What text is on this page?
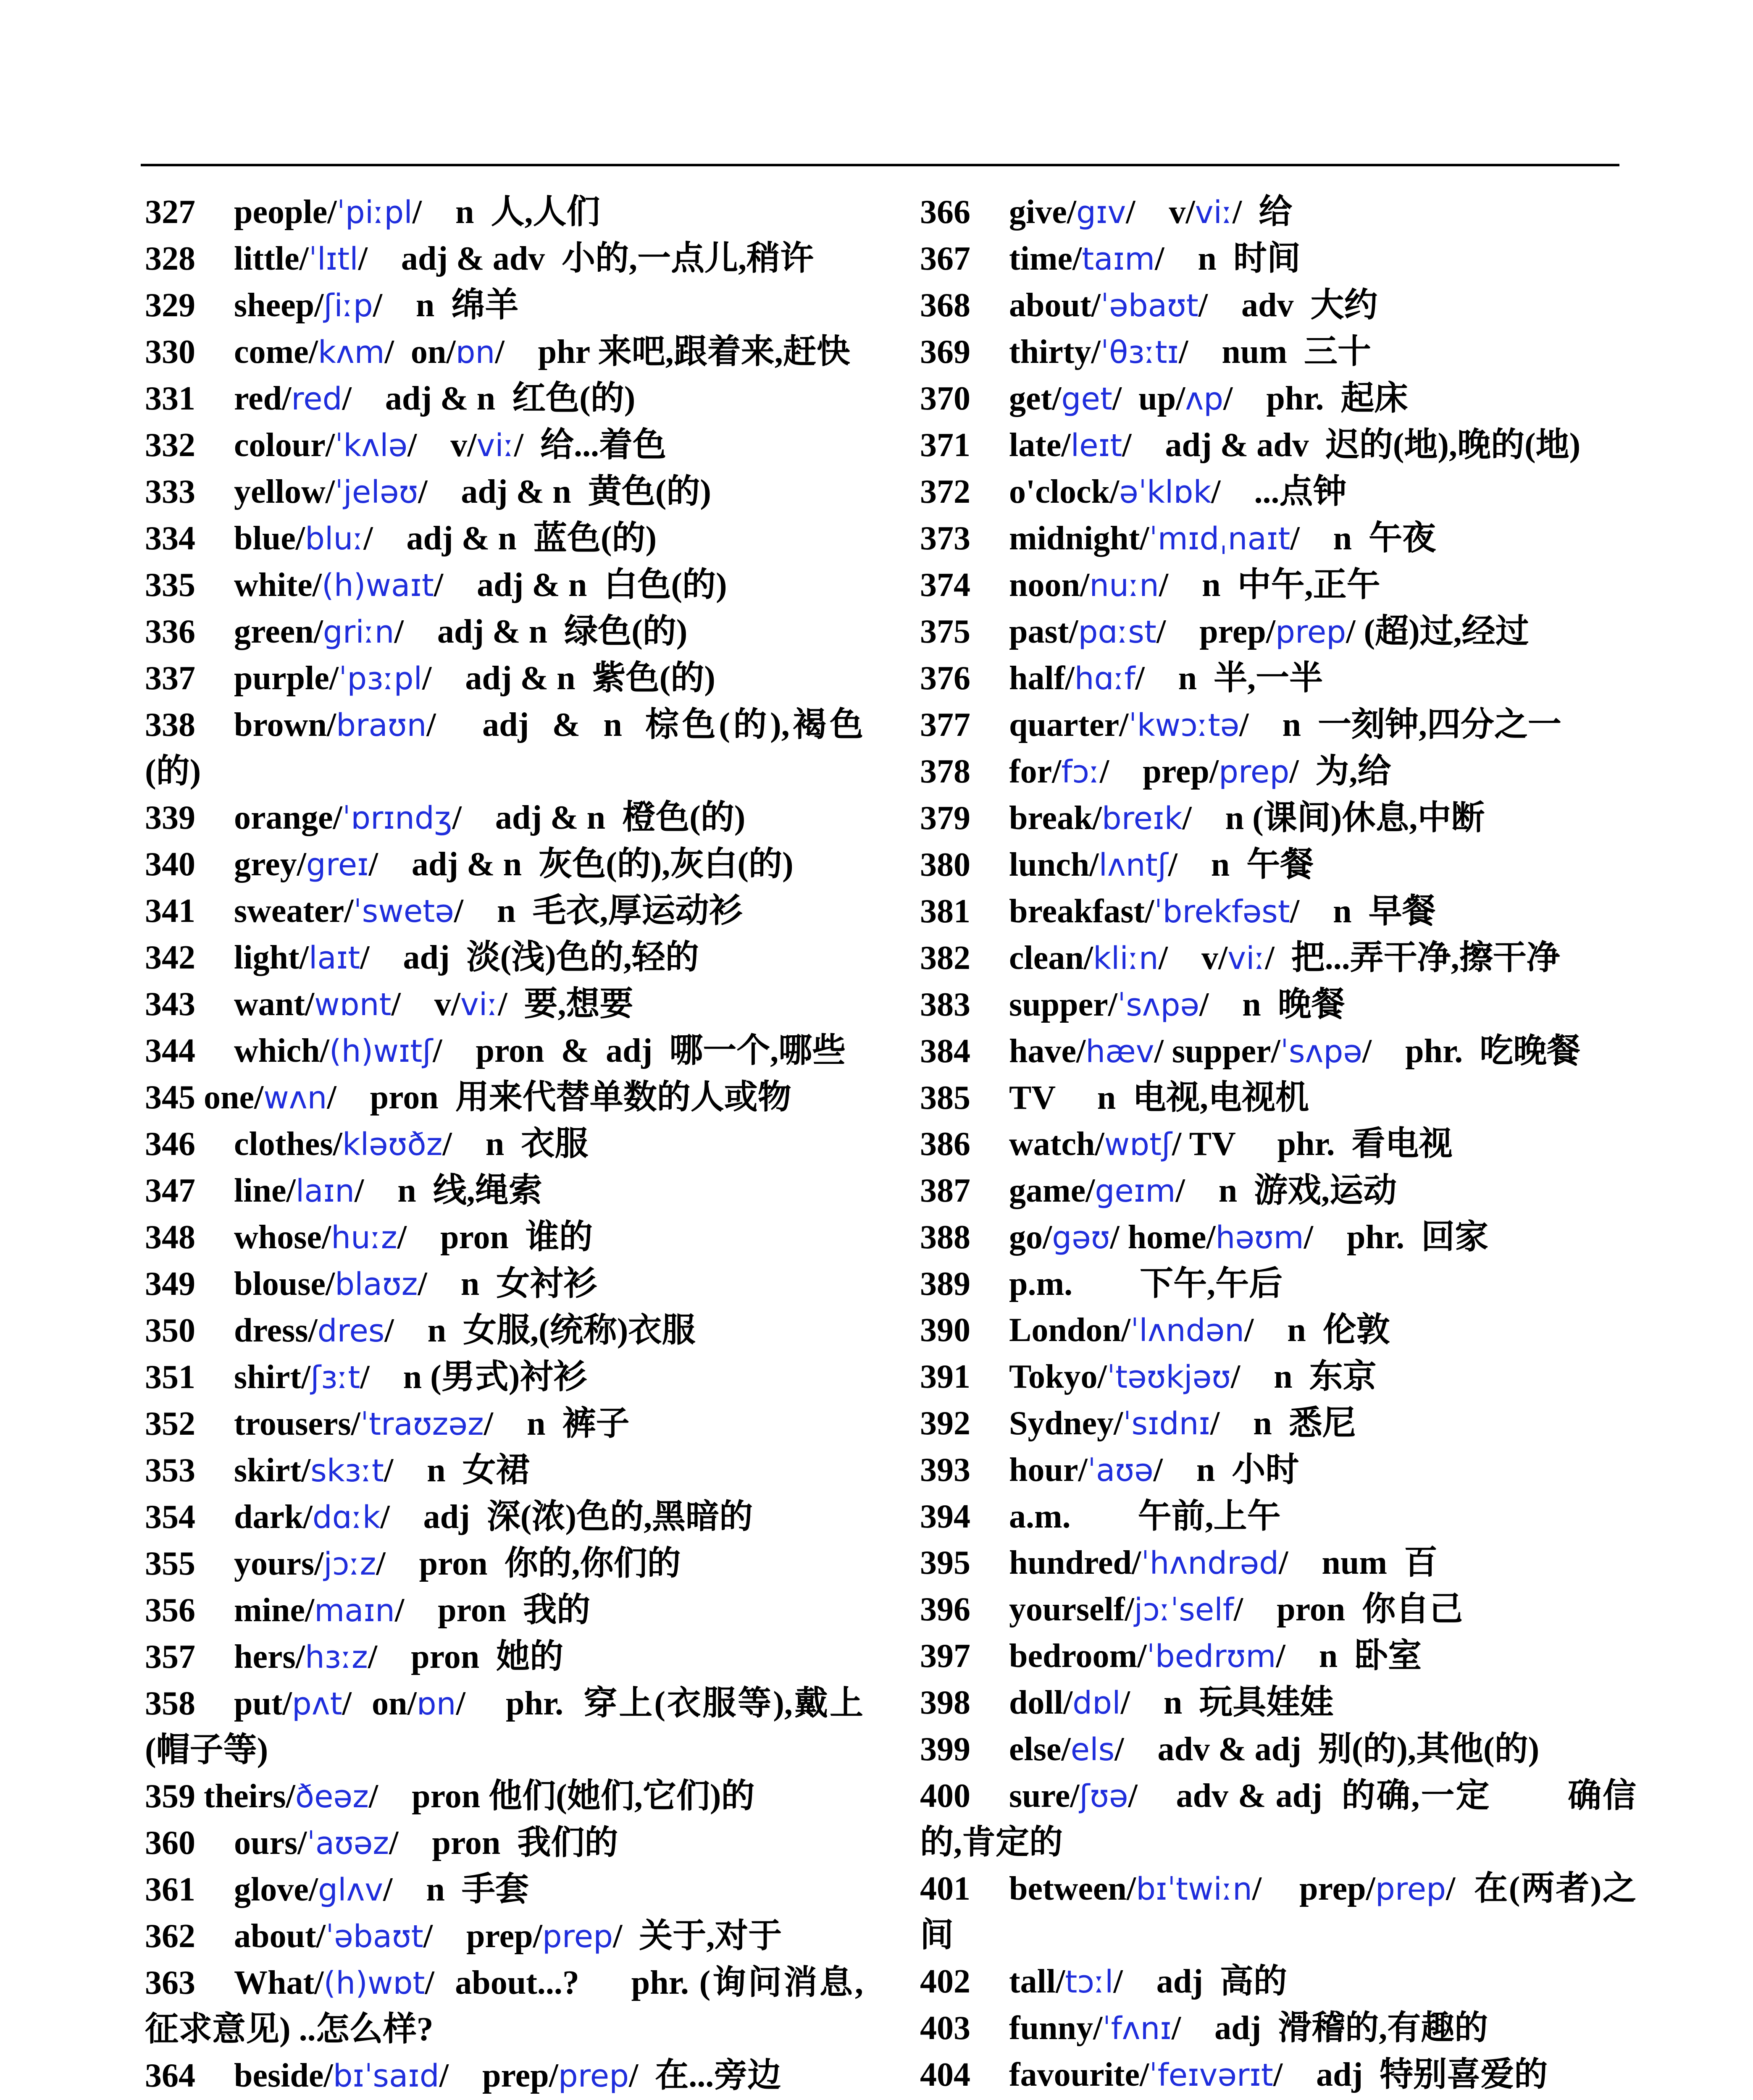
327 people/ˈpiːpl/    n  人,人们
328 little/ˈlɪtl/    adj & adv  小的,一点儿,稍许
329 sheep/ʃiːp/    n  绵羊
330 come/kʌm/  on/ɒn/    phr 来吧,跟着来,赶快
331 red/red/    adj & n  红色(的)
332 colour/ˈkʌlə/    v/viː/  给...着色
333 yellow/ˈjeləʊ/    adj & n  黄色(的)
334 blue/bluː/    adj & n  蓝色(的)
335 white/(h)waɪt/    adj & n  白色(的)
336 green/griːn/    adj & n  绿色(的)
337 purple/ˈpɜːpl/    adj & n  紫色(的)
338 brown/braʊn/    adj  &  n  棕色(的),褐色(的)
339 orange/ˈɒrɪndʒ/    adj & n  橙色(的)
340 grey/greɪ/    adj & n  灰色(的),灰白(的)
341 sweater/ˈswetə/    n  毛衣,厚运动衫
342 light/laɪt/    adj  淡(浅)色的,轻的
343 want/wɒnt/    v/viː/  要,想要
344 which/(h)wɪtʃ/    pron  &  adj  哪一个,哪些
345 one/wʌn/    pron  用来代替单数的人或物
346 clothes/kləʊðz/    n  衣服
347 line/laɪn/    n  线,绳索
348 whose/huːz/    pron  谁的
349 blouse/blaʊz/    n  女衬衫
350 dress/dres/    n  女服,(统称)衣服
351 shirt/ʃɜːt/    n (男式)衬衫
352 trousers/ˈtraʊzəz/    n  裤子
353 skirt/skɜːt/    n  女裙
354 dark/dɑːk/    adj  深(浓)色的,黑暗的
355 yours/jɔːz/    pron  你的,你们的
356 mine/maɪn/    pron  我的
357 hers/hɜːz/    pron  她的
358 put/pʌt/  on/ɒn/    phr.  穿上(衣服等),戴上(帽子等)
359 theirs/ðeəz/    pron 他们(她们,它们)的
360 ours/ˈaʊəz/    pron  我们的
361 glove/glʌv/    n  手套
362 about/ˈəbaʊt/    prep/prep/  关于,对于
363 What/(h)wɒt/  about...?     phr. (询问消息,征求意见) ..怎么样?
364 beside/bɪˈsaɪd/    prep/prep/  在...旁边
366 give/gɪv/    v/viː/  给
367 time/taɪm/    n  时间
368 about/ˈəbaʊt/    adv  大约
369 thirty/ˈθɜːtɪ/    num  三十
370 get/get/  up/ʌp/    phr.  起床
371 late/leɪt/    adj & adv  迟的(地),晚的(地)
372 o'clock/əˈklɒk/    ...点钟
373 midnight/ˈmɪdˌnaɪt/    n  午夜
374 noon/nuːn/    n  中午,正午
375 past/pɑːst/    prep/prep/ (超)过,经过
376 half/hɑːf/    n  半,一半
377 quarter/ˈkwɔːtə/    n  一刻钟,四分之一
378 for/fɔː/    prep/prep/  为,给
379 break/breɪk/    n (课间)休息,中断
380 lunch/lʌntʃ/    n  午餐
381 breakfast/ˈbrekfəst/    n  早餐
382 clean/kliːn/    v/viː/  把...弄干净,擦干净
383 supper/ˈsʌpə/    n  晚餐
384 have/hæv/ supper/ˈsʌpə/    phr.  吃晚餐
385 TV     n  电视,电视机
386 watch/wɒtʃ/ TV     phr.  看电视
387 game/geɪm/    n  游戏,运动
388 go/gəʊ/ home/həʊm/    phr.  回家
389 p.m.        下午,午后
390 London/ˈlʌndən/    n  伦敦
391 Tokyo/ˈtəʊkjəʊ/    n  东京
392 Sydney/ˈsɪdnɪ/    n  悉尼
393 hour/ˈaʊə/    n  小时
394 a.m.        午前,上午
395 hundred/ˈhʌndrəd/    num  百
396 yourself/jɔːˈself/    pron  你自己
397 bedroom/ˈbedrʊm/    n  卧室
398 doll/dɒl/    n  玩具娃娃
399 else/els/    adv & adj  别(的),其他(的)
400 sure/ʃʊə/    adv & adj  的确,一定        确信的,肯定的
401 between/bɪˈtwiːn/    prep/prep/  在(两者)之间
402 tall/tɔːl/    adj  高的
403 funny/ˈfʌnɪ/    adj  滑稽的,有趣的
404 favourite/ˈfeɪvərɪt/    adj  特别喜爱的
